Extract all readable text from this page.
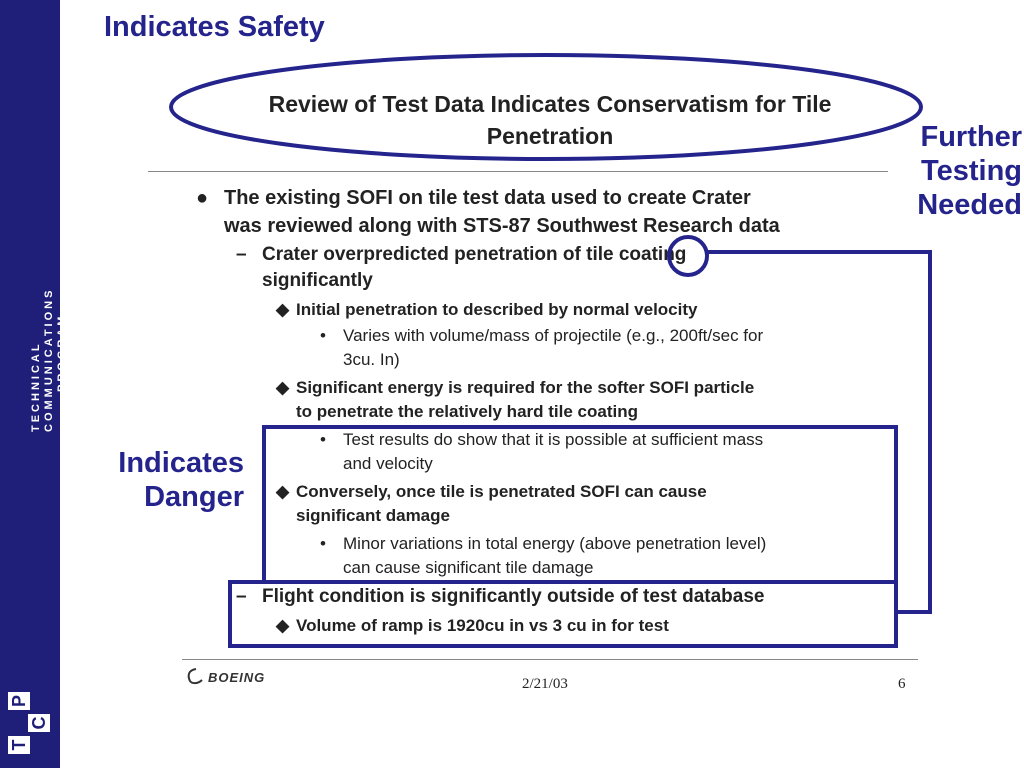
TECHNICAL COMMUNICATIONS PROGRAM
T
C
P
Indicates Safety
Further
Testing
Needed
Indicates
Danger
Review of Test Data Indicates Conservatism for Tile
Penetration
● The existing SOFI on tile test data used to create Crater
was reviewed along with STS-87 Southwest Research data
– Crater overpredicted penetration of tile coating
significantly
◆ Initial penetration to described by normal velocity
• Varies with volume/mass of projectile (e.g., 200ft/sec for
3cu. In)
◆ Significant energy is required for the softer SOFI particle
to penetrate the relatively hard tile coating
• Test results do show that it is possible at sufficient mass
and velocity
◆ Conversely, once tile is penetrated SOFI can cause
significant damage
• Minor variations in total energy (above penetration level)
can cause significant tile damage
– Flight condition is significantly outside of test database
◆ Volume of ramp is 1920cu in vs 3 cu in for test
BOEING	2/21/03	6
